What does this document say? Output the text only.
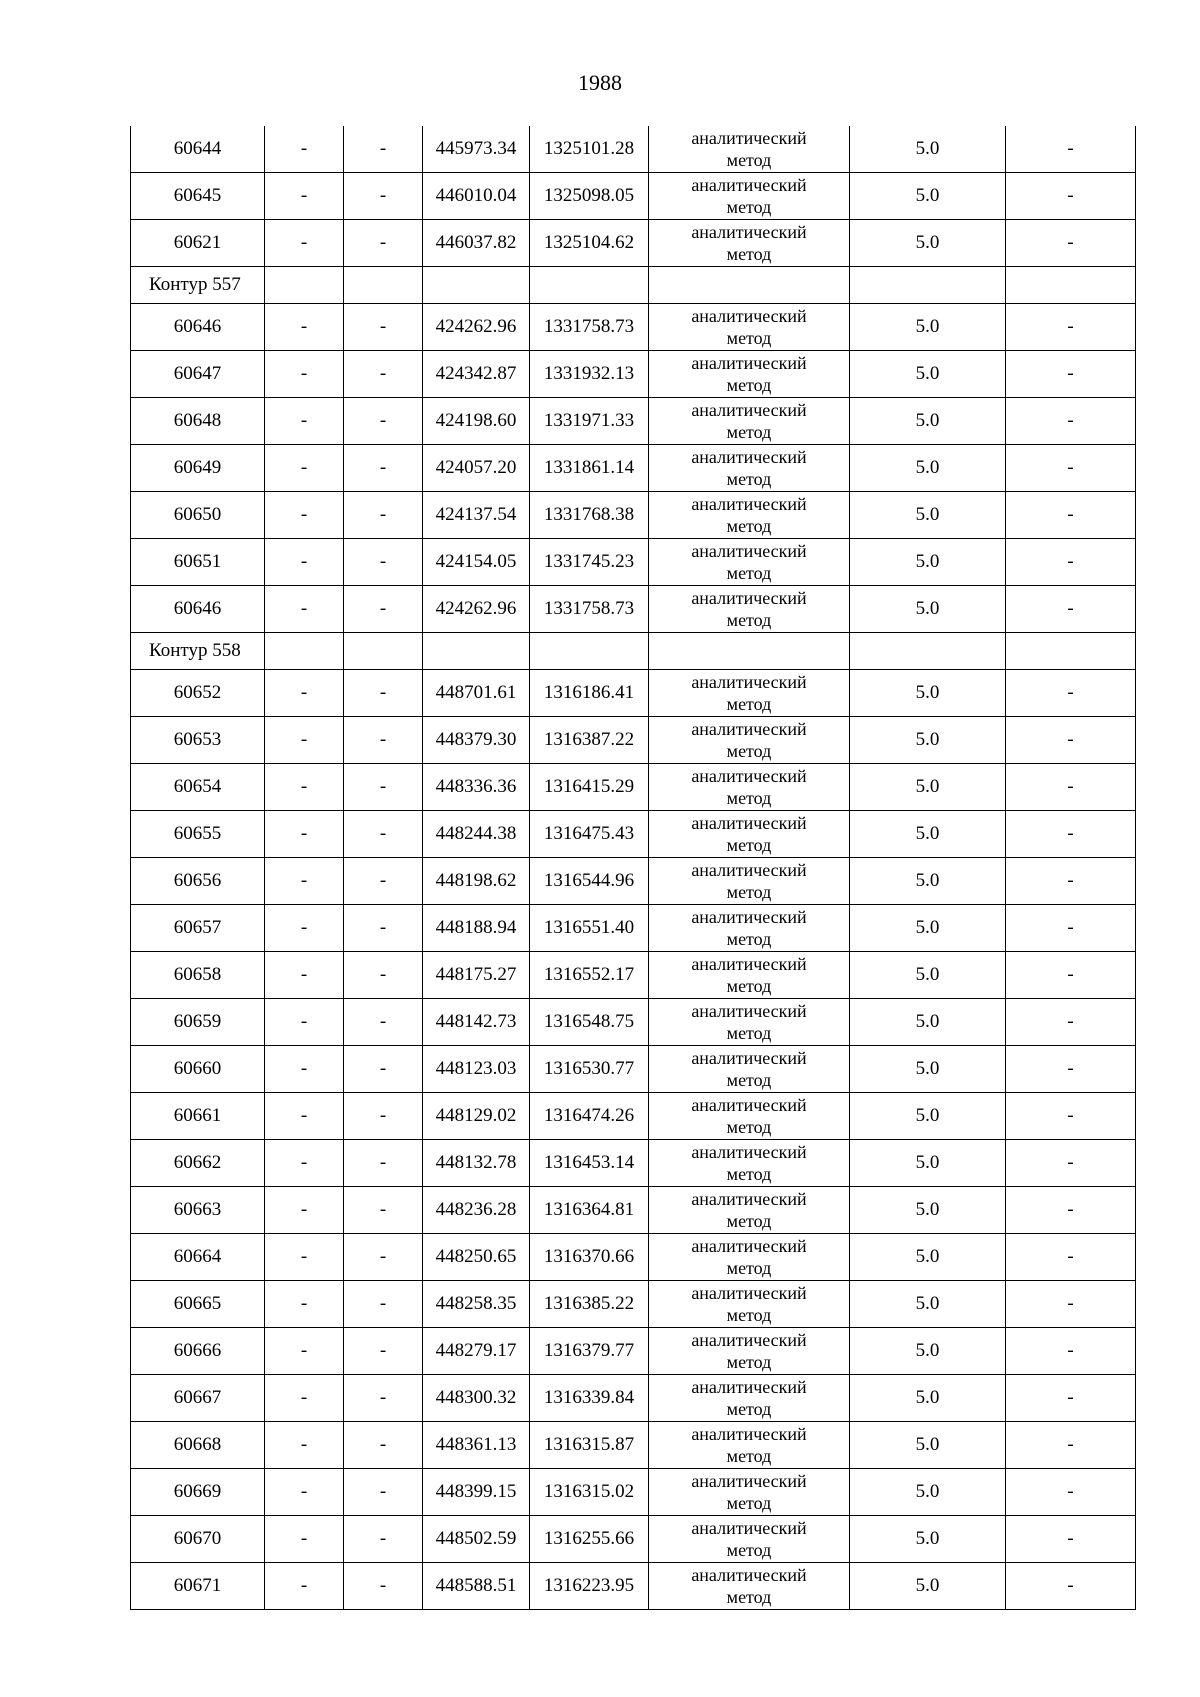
1988
60644	-	-	445973.34	1325101.28	аналитический
метод	5.0	-
60645	-	-	446010.04	1325098.05	аналитический
метод	5.0	-
60621	-	-	446037.82	1325104.62	аналитический
метод	5.0	-
Контур 557							
60646	-	-	424262.96	1331758.73	аналитический
метод	5.0	-
60647	-	-	424342.87	1331932.13	аналитический
метод	5.0	-
60648	-	-	424198.60	1331971.33	аналитический
метод	5.0	-
60649	-	-	424057.20	1331861.14	аналитический
метод	5.0	-
60650	-	-	424137.54	1331768.38	аналитический
метод	5.0	-
60651	-	-	424154.05	1331745.23	аналитический
метод	5.0	-
60646	-	-	424262.96	1331758.73	аналитический
метод	5.0	-
Контур 558							
60652	-	-	448701.61	1316186.41	аналитический
метод	5.0	-
60653	-	-	448379.30	1316387.22	аналитический
метод	5.0	-
60654	-	-	448336.36	1316415.29	аналитический
метод	5.0	-
60655	-	-	448244.38	1316475.43	аналитический
метод	5.0	-
60656	-	-	448198.62	1316544.96	аналитический
метод	5.0	-
60657	-	-	448188.94	1316551.40	аналитический
метод	5.0	-
60658	-	-	448175.27	1316552.17	аналитический
метод	5.0	-
60659	-	-	448142.73	1316548.75	аналитический
метод	5.0	-
60660	-	-	448123.03	1316530.77	аналитический
метод	5.0	-
60661	-	-	448129.02	1316474.26	аналитический
метод	5.0	-
60662	-	-	448132.78	1316453.14	аналитический
метод	5.0	-
60663	-	-	448236.28	1316364.81	аналитический
метод	5.0	-
60664	-	-	448250.65	1316370.66	аналитический
метод	5.0	-
60665	-	-	448258.35	1316385.22	аналитический
метод	5.0	-
60666	-	-	448279.17	1316379.77	аналитический
метод	5.0	-
60667	-	-	448300.32	1316339.84	аналитический
метод	5.0	-
60668	-	-	448361.13	1316315.87	аналитический
метод	5.0	-
60669	-	-	448399.15	1316315.02	аналитический
метод	5.0	-
60670	-	-	448502.59	1316255.66	аналитический
метод	5.0	-
60671	-	-	448588.51	1316223.95	аналитический
метод	5.0	-
